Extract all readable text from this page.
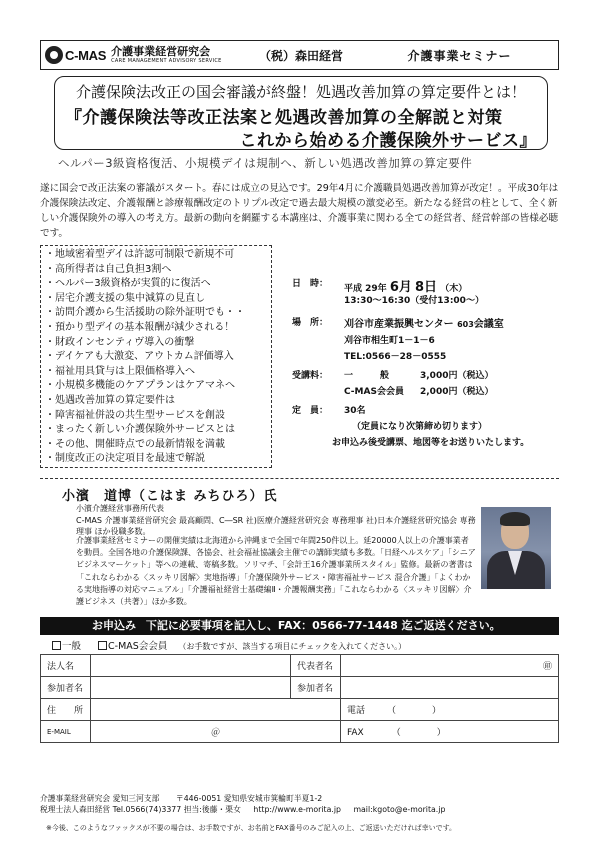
C-MAS 介護事業経営研究会
CARE MANAGEMENT ADVISORY SERVICE	（税）森田経営	介護事業セミナー
介護保険法改正の国会審議が終盤！処遇改善加算の算定要件とは！
『介護保険法等改正法案と処遇改善加算の全解説と対策
これから始める介護保険外サービス』
ヘルパー3級資格復活、小規模デイは規制へ、新しい処遇改善加算の算定要件
遂に国会で改正法案の審議がスタート。春には成立の見込です。29年4月に介護職員処遇改善加算が改定！。平成30年は介護保険法改定、介護報酬と診療報酬改定のトリプル改定で過去最大規模の激変必至。新たなる経営の柱として、全く新しい介護保険外の導入の考え方。最新の動向を網羅する本講座は、介護事業に関わる全ての経営者、経営幹部の皆様必聴です。
・地域密着型デイは許認可制限で新規不可
・高所得者は自己負担3割へ
・ヘルパー3級資格が実質的に復活へ
・居宅介護支援の集中減算の見直し
・訪問介護から生活援助の除外証明でも・・
・預かり型デイの基本報酬が減少される！
・財政インセンティヴ導入の衝撃
・デイケアも大激変、アウトカム評価導入
・福祉用具貸与は上限価格導入へ
・小規模多機能のケアプランはケアマネへ
・処遇改善加算の算定要件は
・障害福祉併設の共生型サービスを創設
・まったく新しい介護保険外サービスとは
・その他、開催時点での最新情報を満載
・制度改正の決定項目を最速で解説
日　時： 平成 29年 6月 8日 （木）
13:30～16:30（受付13:00～）
場　所： 刈谷市産業振興センター 603会議室
刈谷市相生町1－1－6
TEL:0566－28－0555
受講料： 一　　　般	3,000円（税込）
C-MAS会会員 2,000円（税込）
定　員： 30名
（定員になり次第締め切ります）
お申込み後受講票、地図等をお送りいたします。
小濱　道博（こはま みちひろ）氏
小濱介護経営事務所代表
C-MAS 介護事業経営研究会 最高顧問、C―SR 社)医療介護経営研究会 専務理事 社)日本介護経営研究協会 専務理事 ほか役職多数。
介護事業経営セミナーの開催実績は北海道から沖縄まで全国で年間250件以上。延20000人以上の介護事業者を動員。全国各地の介護保険課、各協会、社会福祉協議会主催での講師実績も多数。「日経ヘルスケア」「シニアビジネスマーケット」等への連載、寄稿多数。ソリマチ、「会計王16介護事業所スタイル」監修。最新の著書は「これならわかる〈スッキリ図解〉実地指導」「介護保険外サービス・障害福祉サービス 混合介護」「よくわかる実地指導の対応マニュアル」「介護福祉経営士基礎編Ⅱ・介護報酬実務」「これならわかる〈スッキリ図解〉介護ビジネス（共著）」ほか多数。
お申込み 下記に必要事項を記入し、FAX：0566-77-1448 迄ご返送ください。
一般	C-MAS会会員 （お手数ですが、該当する項目にチェックを入れてください。）
法人名		代表者名	㊞
参加者名		参加者名	
住　　所			電話 （　　　　）
E-MAIL	＠		FAX （　　　　）
介護事業経営研究会 愛知三河支部 〒446‐0051 愛知県安城市箕輪町半夏1-2
税理士法人森田経営 Tel.0566(74)3377 担当:後藤・栗女 http://www.e-morita.jp mail:kgoto@e-morita.jp
※今後、このようなファックスが不要の場合は、お手数ですが、お名前とFAX番号のみご記入の上、ご返送いただければ幸いです。
